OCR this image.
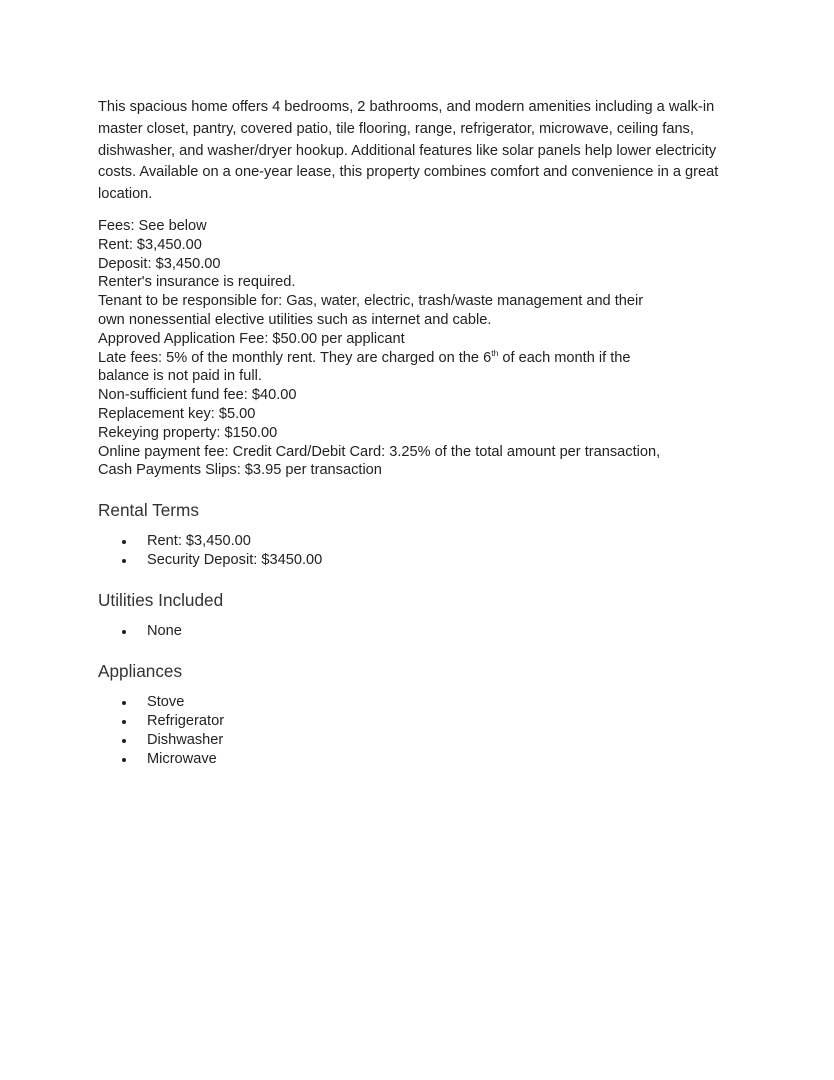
This spacious home offers 4 bedrooms, 2 bathrooms, and modern amenities including a walk-in master closet, pantry, covered patio, tile flooring, range, refrigerator, microwave, ceiling fans, dishwasher, and washer/dryer hookup. Additional features like solar panels help lower electricity costs. Available on a one-year lease, this property combines comfort and convenience in a great location.

Fees: See below
Rent: $3,450.00
Deposit: $3,450.00
Renter's insurance is required.
Tenant to be responsible for: Gas, water, electric, trash/waste management and their
own nonessential elective utilities such as internet and cable.
Approved Application Fee: $50.00 per applicant
Late fees: 5% of the monthly rent. They are charged on the 6th of each month if the
balance is not paid in full.
Non-sufficient fund fee: $40.00
Replacement key: $5.00
Rekeying property: $150.00
Online payment fee: Credit Card/Debit Card: 3.25% of the total amount per transaction,
Cash Payments Slips: $3.95 per transaction
Rental Terms
Rent: $3,450.00
Security Deposit: $3450.00
Utilities Included
None
Appliances
Stove
Refrigerator
Dishwasher
Microwave
